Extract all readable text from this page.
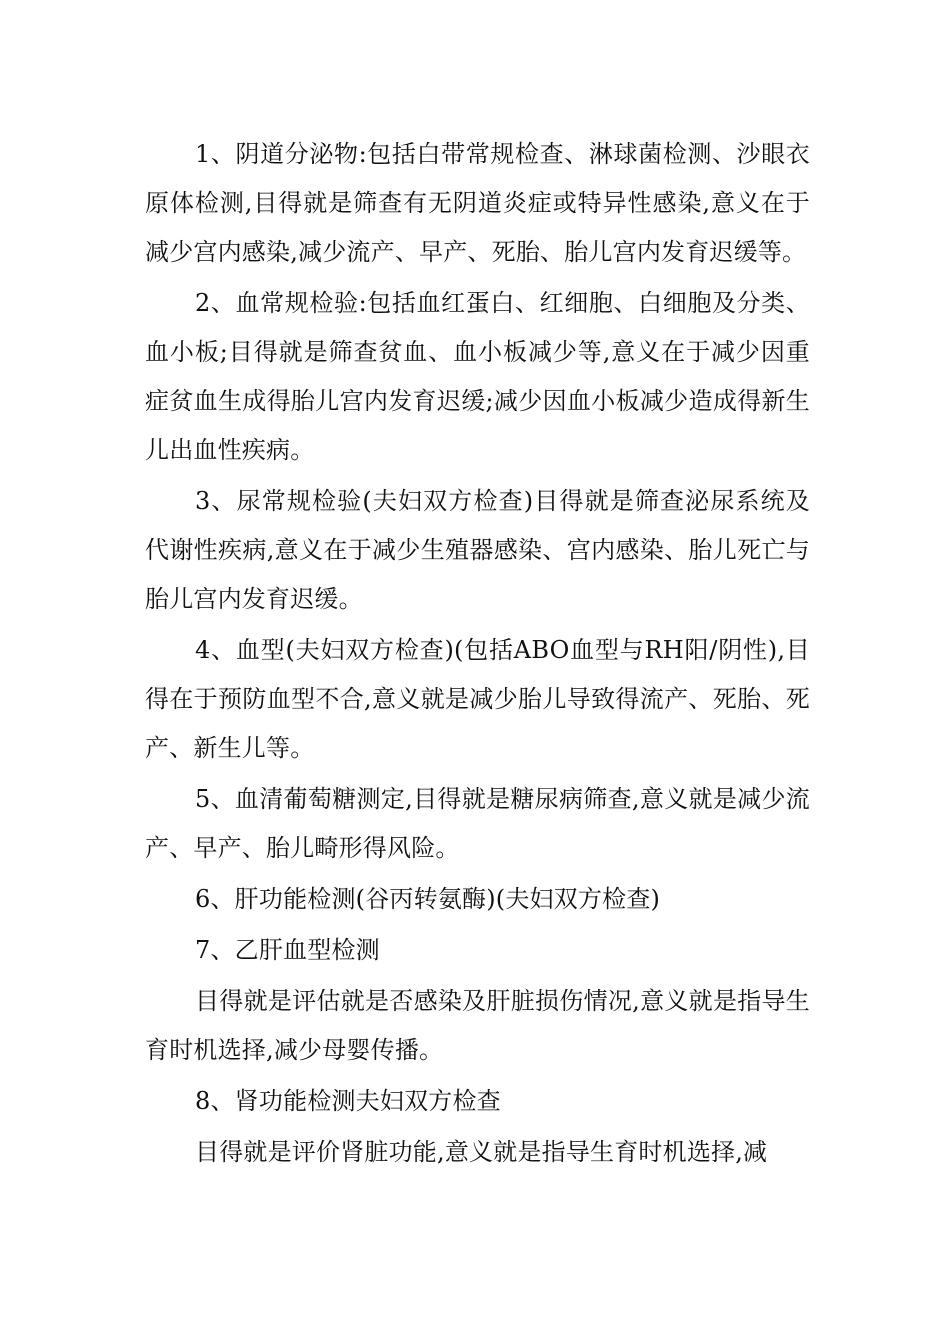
1、阴道分泌物:包括白带常规检查、淋球菌检测、沙眼衣原体检测,目得就是筛查有无阴道炎症或特异性感染,意义在于减少宫内感染,减少流产、早产、死胎、胎儿宫内发育迟缓等。

2、血常规检验:包括血红蛋白、红细胞、白细胞及分类、血小板;目得就是筛查贫血、血小板减少等,意义在于减少因重症贫血生成得胎儿宫内发育迟缓;减少因血小板减少造成得新生儿出血性疾病。

3、尿常规检验(夫妇双方检查)目得就是筛查泌尿系统及代谢性疾病,意义在于减少生殖器感染、宫内感染、胎儿死亡与胎儿宫内发育迟缓。

4、血型(夫妇双方检查)(包括ABO血型与RH阳/阴性),目得在于预防血型不合,意义就是减少胎儿导致得流产、死胎、死产、新生儿等。

5、血清葡萄糖测定,目得就是糖尿病筛查,意义就是减少流产、早产、胎儿畸形得风险。

6、肝功能检测(谷丙转氨酶)(夫妇双方检查)

7、乙肝血型检测

目得就是评估就是否感染及肝脏损伤情况,意义就是指导生育时机选择,减少母婴传播。

8、肾功能检测夫妇双方检查

目得就是评价肾脏功能,意义就是指导生育时机选择,减
